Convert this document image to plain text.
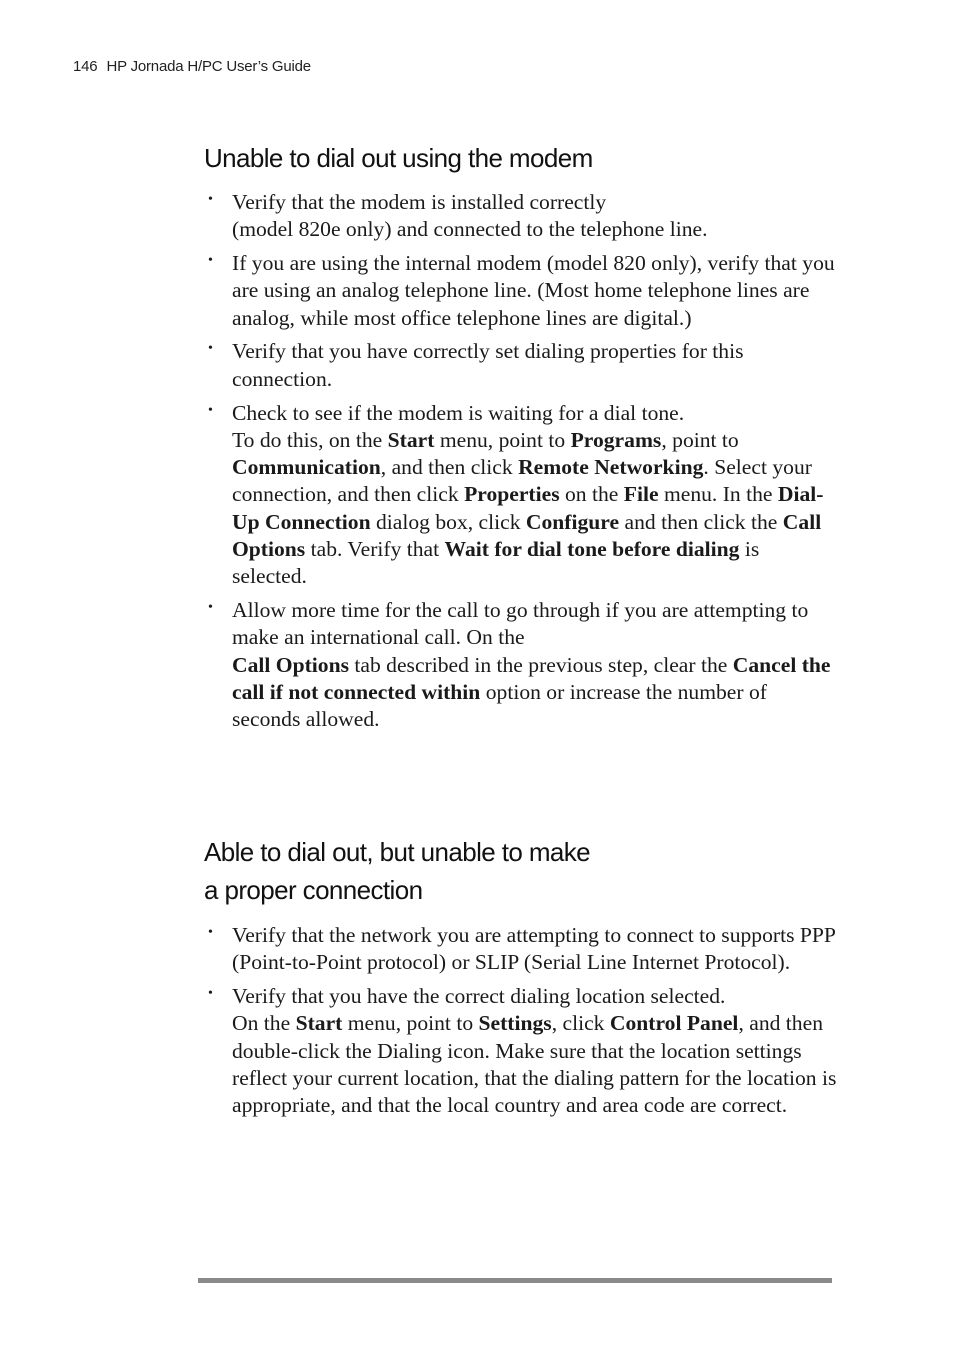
146 HP Jornada H/PC User’s Guide
Unable to dial out using the modem
• Verify that the modem is installed correctly
(model 820e only) and connected to the telephone line.
• If you are using the internal modem (model 820 only), verify that you are using an analog telephone line. (Most home telephone lines are analog, while most office telephone lines are digital.)
• Verify that you have correctly set dialing properties for this connection.
• Check to see if the modem is waiting for a dial tone.
To do this, on the Start menu, point to Programs, point to Communication, and then click Remote Networking. Select your connection, and then click Properties on the File menu. In the Dial-Up Connection dialog box, click Configure and then click the Call Options tab. Verify that Wait for dial tone before dialing is selected.
• Allow more time for the call to go through if you are attempting to make an international call. On the
Call Options tab described in the previous step, clear the Cancel the call if not connected within option or increase the number of seconds allowed.
Able to dial out, but unable to make
a proper connection
• Verify that the network you are attempting to connect to supports PPP (Point-to-Point protocol) or SLIP (Serial Line Internet Protocol).
• Verify that you have the correct dialing location selected.
On the Start menu, point to Settings, click Control Panel, and then double-click the Dialing icon. Make sure that the location settings reflect your current location, that the dialing pattern for the location is appropriate, and that the local country and area code are correct.
